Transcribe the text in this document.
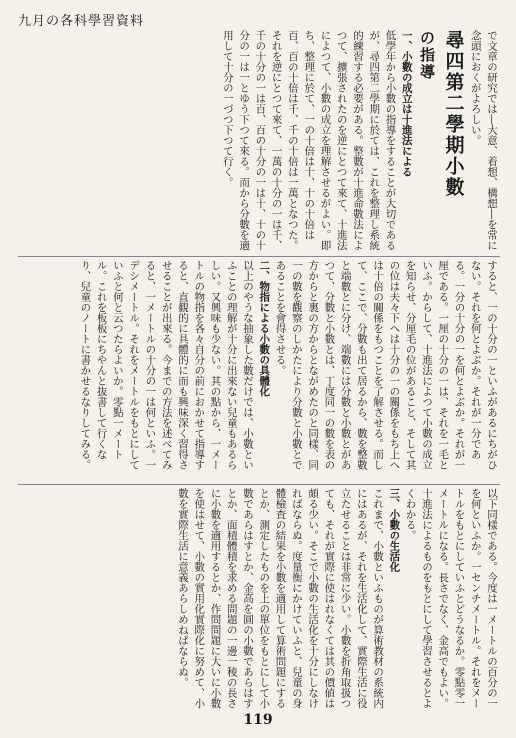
九月の各科學習資料

で文章の研究では―大意、着想、構想―を常に念頭におくがよろしい。

尋四第二學期小數

の指導

一、小數の成立は十進法による

低學年から小數の指導をすることが大切であるが、尋四第二學期に於ては、これを整理し系統的練習する必要がある。整數が十進命數法によつて、擴張されたのを逆にとつて來て、十進法によつて、小數の成立を理解させるがよい。即ち、整理に於て、一の十倍は十、十の十倍は百、百の十倍は千、千の十倍は一萬となつた。それを逆にとつて來て、一萬の十分の一は千、千の十分の一は百、百の十分の一は十、十の十分の一は一とゆう下つて來る。而から分數を適用して十分の一づつ下つて行く。

すると、一の十分の一といふがあるにちがひない。それを何とよぶか。それが一分である。一分の十分の一を何とよぶか。それが一厘である。一厘の十分の一は、それを一毛といふ。からして、十進法によつて小數の成立を知らせ、分厘毛の位があること、そして其の位は夫々下へは十分の一の關係をもち上へは十倍の關係をもつことを了解させる。而して、ここで、分數も出て居るから、數を整數と端數とに分け、端數には分數と小數とがあつて、分數と小數とは、丁度同一の數を表の方からと裏の方からとながめたのと同樣、同一の數を觀察のしかたにより分數と小數とであることを會得させる。

二、物指による小數の具體化

以上のやうな抽象した數だけでは、小數といふことの理解が十分に出來ない兒童もあるらしい。又興味も少ない。其の點から、一メートルの物指を各々自分の前におかせて指導すると、直観的に具體的に而も興味深く習得させることが出來る。今までの方法を述べてみると、一メートルの十分の一は何といふ。一デシメートル。それをメートルをもとにしていふと何と云つたらよいか。零點一メートル。これを板板にちやんと抜書して行くなり、兒童のノートに書かせるなりしてみる。

以下同樣である。今度は一メートルの百分の一を何といふか。一センチメートル。それをメートルをもとにしていふとどうなるか。零點零一メートルになる。長さでなく、金高でもよい。十進法によるものをもとにして學習させるとよくわかる。

三、小數の生活化

これまで、小數といふものが算術教材の系統内にはあるが、それを生活化して、實際生活に役立たせることは非常に少い。小數を折角取扱つても、それが實際に使はれなくては其の價値は頗る少い。そこで小數の生活化を十分にしなければならぬ。度量衡にかけていふと、兒童の身體檢査の結果を小數を適用して算術問題にするとか、測定したものを上の單位をもとにして小數であらはすとか、金高を圓の小數であらはすとか、面積體積を求める問題の一邊一稜の長さに小數を適用するとか、作問問題に大いに小數を使はせて、小數の實用化實際化に努めて、小數を實際生活に意義あらしめねばならぬ。

119
